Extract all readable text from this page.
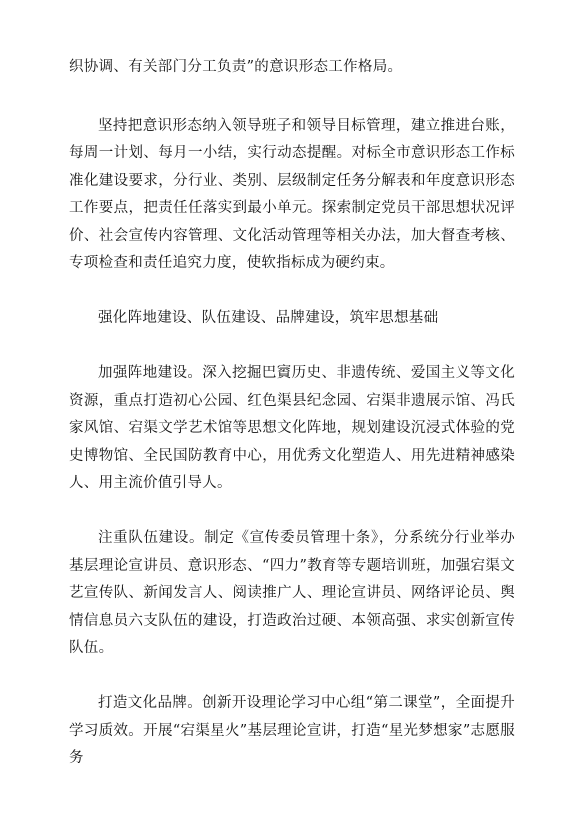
织协调、有关部门分工负责”的意识形态工作格局。

坚持把意识形态纳入领导班子和领导目标管理，建立推进台账，每周一计划、每月一小结，实行动态提醒。对标全市意识形态工作标准化建设要求，分行业、类别、层级制定任务分解表和年度意识形态工作要点，把责任任落实到最小单元。探索制定党员干部思想状况评价、社会宣传内容管理、文化活动管理等相关办法，加大督查考核、专项检查和责任追究力度，使软指标成为硬约束。

强化阵地建设、队伍建设、品牌建设，筑牢思想基础

加强阵地建设。深入挖掘巴賨历史、非遗传统、爱国主义等文化资源，重点打造初心公园、红色渠县纪念园、宕渠非遗展示馆、冯氏家风馆、宕渠文学艺术馆等思想文化阵地，规划建设沉浸式体验的党史博物馆、全民国防教育中心，用优秀文化塑造人、用先进精神感染人、用主流价值引导人。

注重队伍建设。制定《宣传委员管理十条》，分系统分行业举办基层理论宣讲员、意识形态、“四力”教育等专题培训班，加强宕渠文艺宣传队、新闻发言人、阅读推广人、理论宣讲员、网络评论员、舆情信息员六支队伍的建设，打造政治过硬、本领高强、求实创新宣传队伍。

打造文化品牌。创新开设理论学习中心组“第二课堂”，全面提升学习质效。开展“宕渠星火”基层理论宣讲，打造“星光梦想家”志愿服务
